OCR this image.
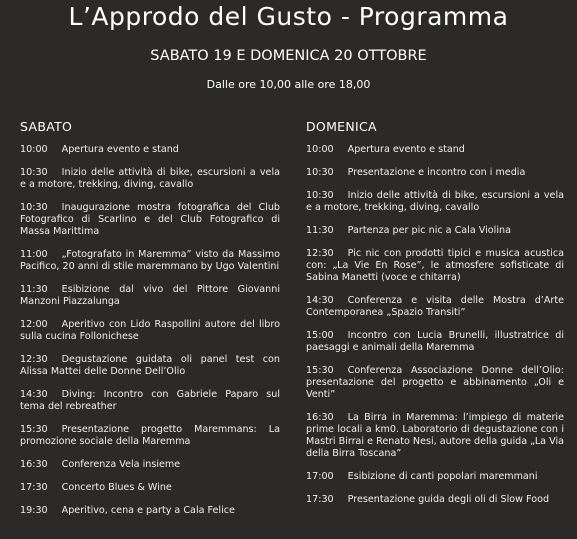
L’Approdo del Gusto - Programma
SABATO 19 E DOMENICA 20 OTTOBRE
Dalle ore 10,00 alle ore 18,00
SABATO
10:00 Apertura evento e stand
10:30 Inizio delle attività di bike, escursioni a vela e a motore, trekking, diving, cavallo
10:30 Inaugurazione mostra fotografica del Club Fotografico di Scarlino e del Club Fotografico di Massa Marittima
11:00 „Fotografato in Maremma” visto da Massimo Pacifico, 20 anni di stile maremmano by Ugo Valentini
11:30 Esibizione dal vivo del Pittore Giovanni Manzoni Piazzalunga
12:00 Aperitivo con Lido Raspollini autore del libro sulla cucina Follonichese
12:30 Degustazione guidata oli panel test con Alissa Mattei delle Donne Dell’Olio
14:30 Diving: Incontro con Gabriele Paparo sul tema del rebreather
15:30 Presentazione progetto Maremmans: La promozione sociale della Maremma
16:30 Conferenza Vela insieme
17:30 Concerto Blues & Wine
19:30 Aperitivo, cena e party a Cala Felice
DOMENICA
10:00 Apertura evento e stand
10:30 Presentazione e incontro con i media
10:30 Inizio delle attività di bike, escursioni a vela e a motore, trekking, diving, cavallo
11:30 Partenza per pic nic a Cala Violina
12:30 Pic nic con prodotti tipici e musica acustica con: „La Vie En Rose”, le atmosfere sofisticate di Sabina Manetti (voce e chitarra)
14:30 Conferenza e visita delle Mostra d’Arte Contemporanea „Spazio Transiti”
15:00 Incontro con Lucia Brunelli, illustratrice di paesaggi e animali della Maremma
15:30 Conferenza Associazione Donne dell’Olio: presentazione del progetto e abbinamento „Oli e Venti”
16:30 La Birra in Maremma: l’impiego di materie prime locali a km0. Laboratorio di degustazione con i Mastri Birrai e Renato Nesi, autore della guida „La Via della Birra Toscana”
17:00 Esibizione di canti popolari maremmani
17:30 Presentazione guida degli oli di Slow Food
